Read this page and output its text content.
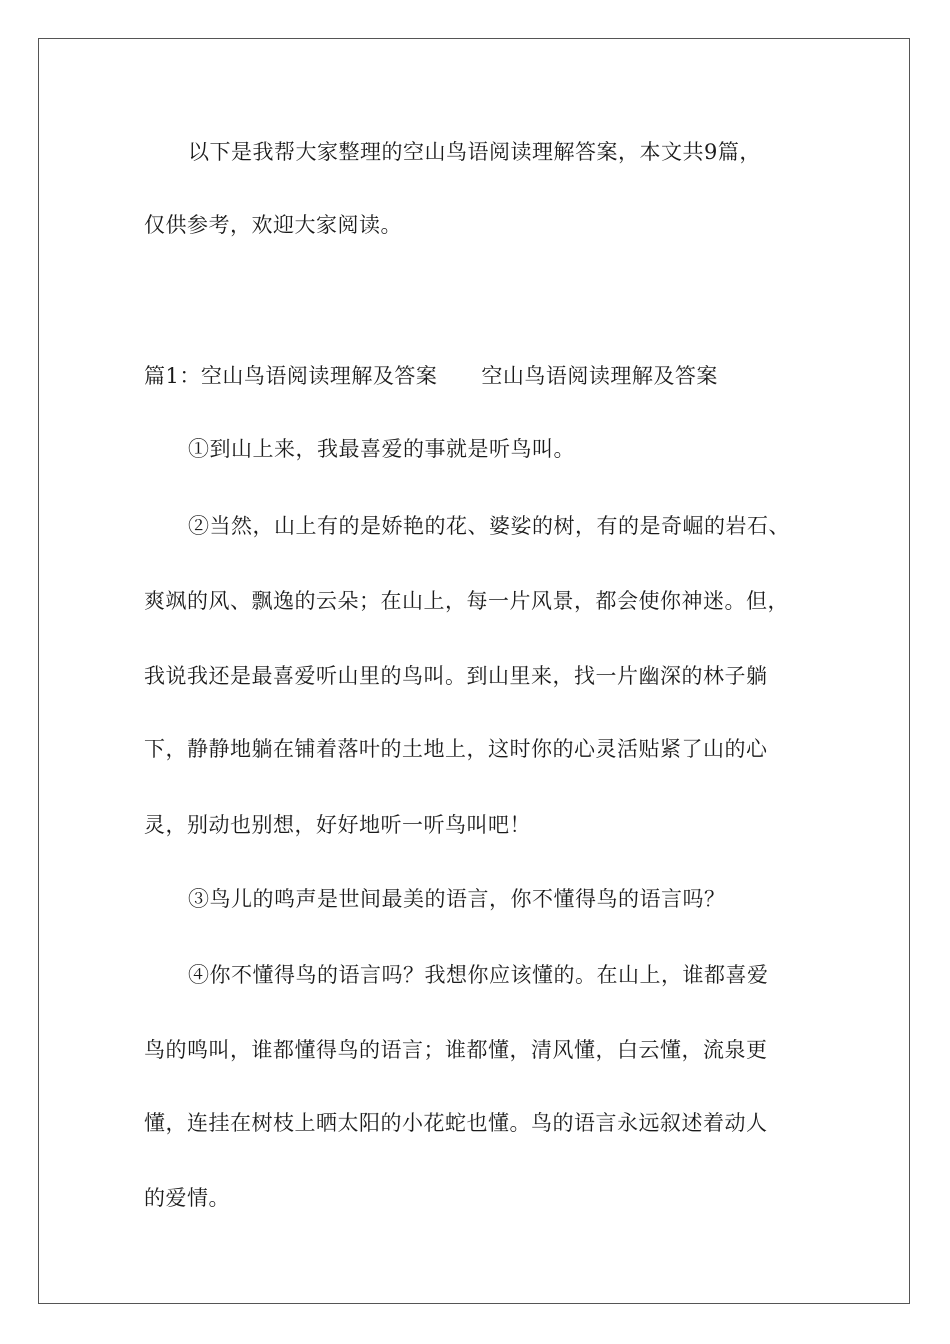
以下是我帮大家整理的空山鸟语阅读理解答案，本文共9篇，
仅供参考，欢迎大家阅读。
篇1：空山鸟语阅读理解及答案 空山鸟语阅读理解及答案
①到山上来，我最喜爱的事就是听鸟叫。
②当然，山上有的是娇艳的花、婆娑的树，有的是奇崛的岩石、
爽飒的风、飘逸的云朵；在山上，每一片风景，都会使你神迷。但，
我说我还是最喜爱听山里的鸟叫。到山里来，找一片幽深的林子躺
下，静静地躺在铺着落叶的土地上，这时你的心灵活贴紧了山的心
灵，别动也别想，好好地听一听鸟叫吧！
③鸟儿的鸣声是世间最美的语言，你不懂得鸟的语言吗？
④你不懂得鸟的语言吗？我想你应该懂的。在山上，谁都喜爱
鸟的鸣叫，谁都懂得鸟的语言；谁都懂，清风懂，白云懂，流泉更
懂，连挂在树枝上晒太阳的小花蛇也懂。鸟的语言永远叙述着动人
的爱情。
